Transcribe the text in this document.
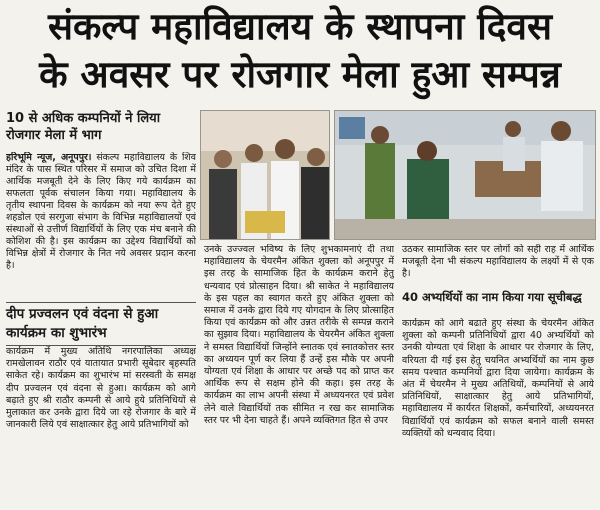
संकल्प महाविद्यालय के स्थापना दिवस
के अवसर पर रोजगार मेला हुआ सम्पन्न
10 से अधिक कम्पनियों ने लिया रोजगार मेला में भाग
हरिभूमि न्यूज, अनूपपुर। संकल्प महाविद्यालय के शिव मंदिर के पास स्थित परिसर में समाज को उचित दिशा में आर्थिक मजबूती देने के लिए किए गये कार्यक्रम का सफलता पूर्वक संचालन किया गया। महाविद्यालय के तृतीय स्थापना दिवस के कार्यक्रम को नया रूप देते हुए शहडोल एवं सरगुजा संभाग के विभिन्न महाविद्यालयों एवं संस्थाओं से उत्तीर्ण विद्यार्थियों के लिए एक मंच बनाने की कोशिश की है। इस कार्यक्रम का उद्देश्य विद्यार्थियों को विभिन्न क्षेत्रों में रोजगार के नित नये अवसर प्रदान करना है।
दीप प्रज्वलन एवं वंदना से हुआ कार्यक्रम का शुभारंभ
कार्यक्रम में मुख्य अतिथि नगरपालिका अध्यक्ष रामखेलावन राठौर एवं यातायात प्रभारी सूबेदार बृहस्पति साकेत रहे। कार्यक्रम का शुभारंभ मां सरस्वती के समक्ष दीप प्रज्वलन एवं वंदना से हुआ। कार्यक्रम को आगे बढ़ाते हुए श्री राठौर कम्पनी से आये हुये प्रतिनिधियों से मुलाकात कर उनके द्वारा दिये जा रहे रोजगार के बारे में जानकारी लिये एवं साक्षात्कार हेतु आये प्रतिभागियों को
उनके उज्ज्वल भविष्य के लिए शुभकामनाएं दी तथा महाविद्यालय के चेयरमैन अंकित शुक्ला को अनूपपुर में इस तरह के सामाजिक हित के कार्यक्रम कराने हेतु धन्यवाद एवं प्रोत्साहन दिया। श्री साकेत ने महाविद्यालय के इस पहल का स्वागत करते हुए अंकित शुक्ला को समाज में उनके द्वारा दिये गए योगदान के लिए प्रोत्साहित किया एवं कार्यक्रम को और उन्नत तरीके से सम्पन्न कराने का सुझाव दिया। महाविद्यालय के चेयरमैन अंकित शुक्ला ने समस्त विद्यार्थियों जिन्होंने स्नातक एवं स्नातकोत्तर स्तर का अध्ययन पूर्ण कर लिया हैं उन्हें इस मौके पर अपनी योग्यता एवं शिक्षा के आधार पर अच्छे पद को प्राप्त कर आर्थिक रूप से सक्षम होने की कहा। इस तरह के कार्यक्रम का लाभ अपनी संस्था में अध्ययनरत एवं प्रवेश लेने वाले विद्यार्थियों तक सीमित न रख कर सामाजिक स्तर पर भी देना चाहते हैं। अपने व्यक्तिगत हित से उपर
उठकर सामाजिक स्तर पर लोगों को सही राह में आर्थिक मजबूती देना भी संकल्प महाविद्यालय के लक्ष्यों में से एक है।
40 अभ्यर्थियों का नाम किया गया सूचीबद्ध
कार्यक्रम को आगे बढाते हुए संस्था के चेयरमैन अंकित शुक्ला को कम्पनी प्रतिनिधियों द्वारा 40 अभ्यर्थियों को उनकी योग्यता एवं शिक्षा के आधार पर रोजगार के लिए, वरियता दी गई इस हेतु चयनित अभ्यर्थियों का नाम कुछ समय पश्चात कम्पनियों द्वारा दिया जायेगा। कार्यक्रम के अंत में चेयरमैन ने मुख्य अतिथियों, कम्पनियों से आये प्रतिनिधियों, साक्षात्कार हेतु आये प्रतिभागियों, महाविद्यालय में कार्यरत शिक्षकों, कर्मचारियों, अध्ययनरत विद्यार्थियों एवं कार्यक्रम को सफल बनाने वाली समस्त व्यक्तियों को धन्यवाद दिया।
